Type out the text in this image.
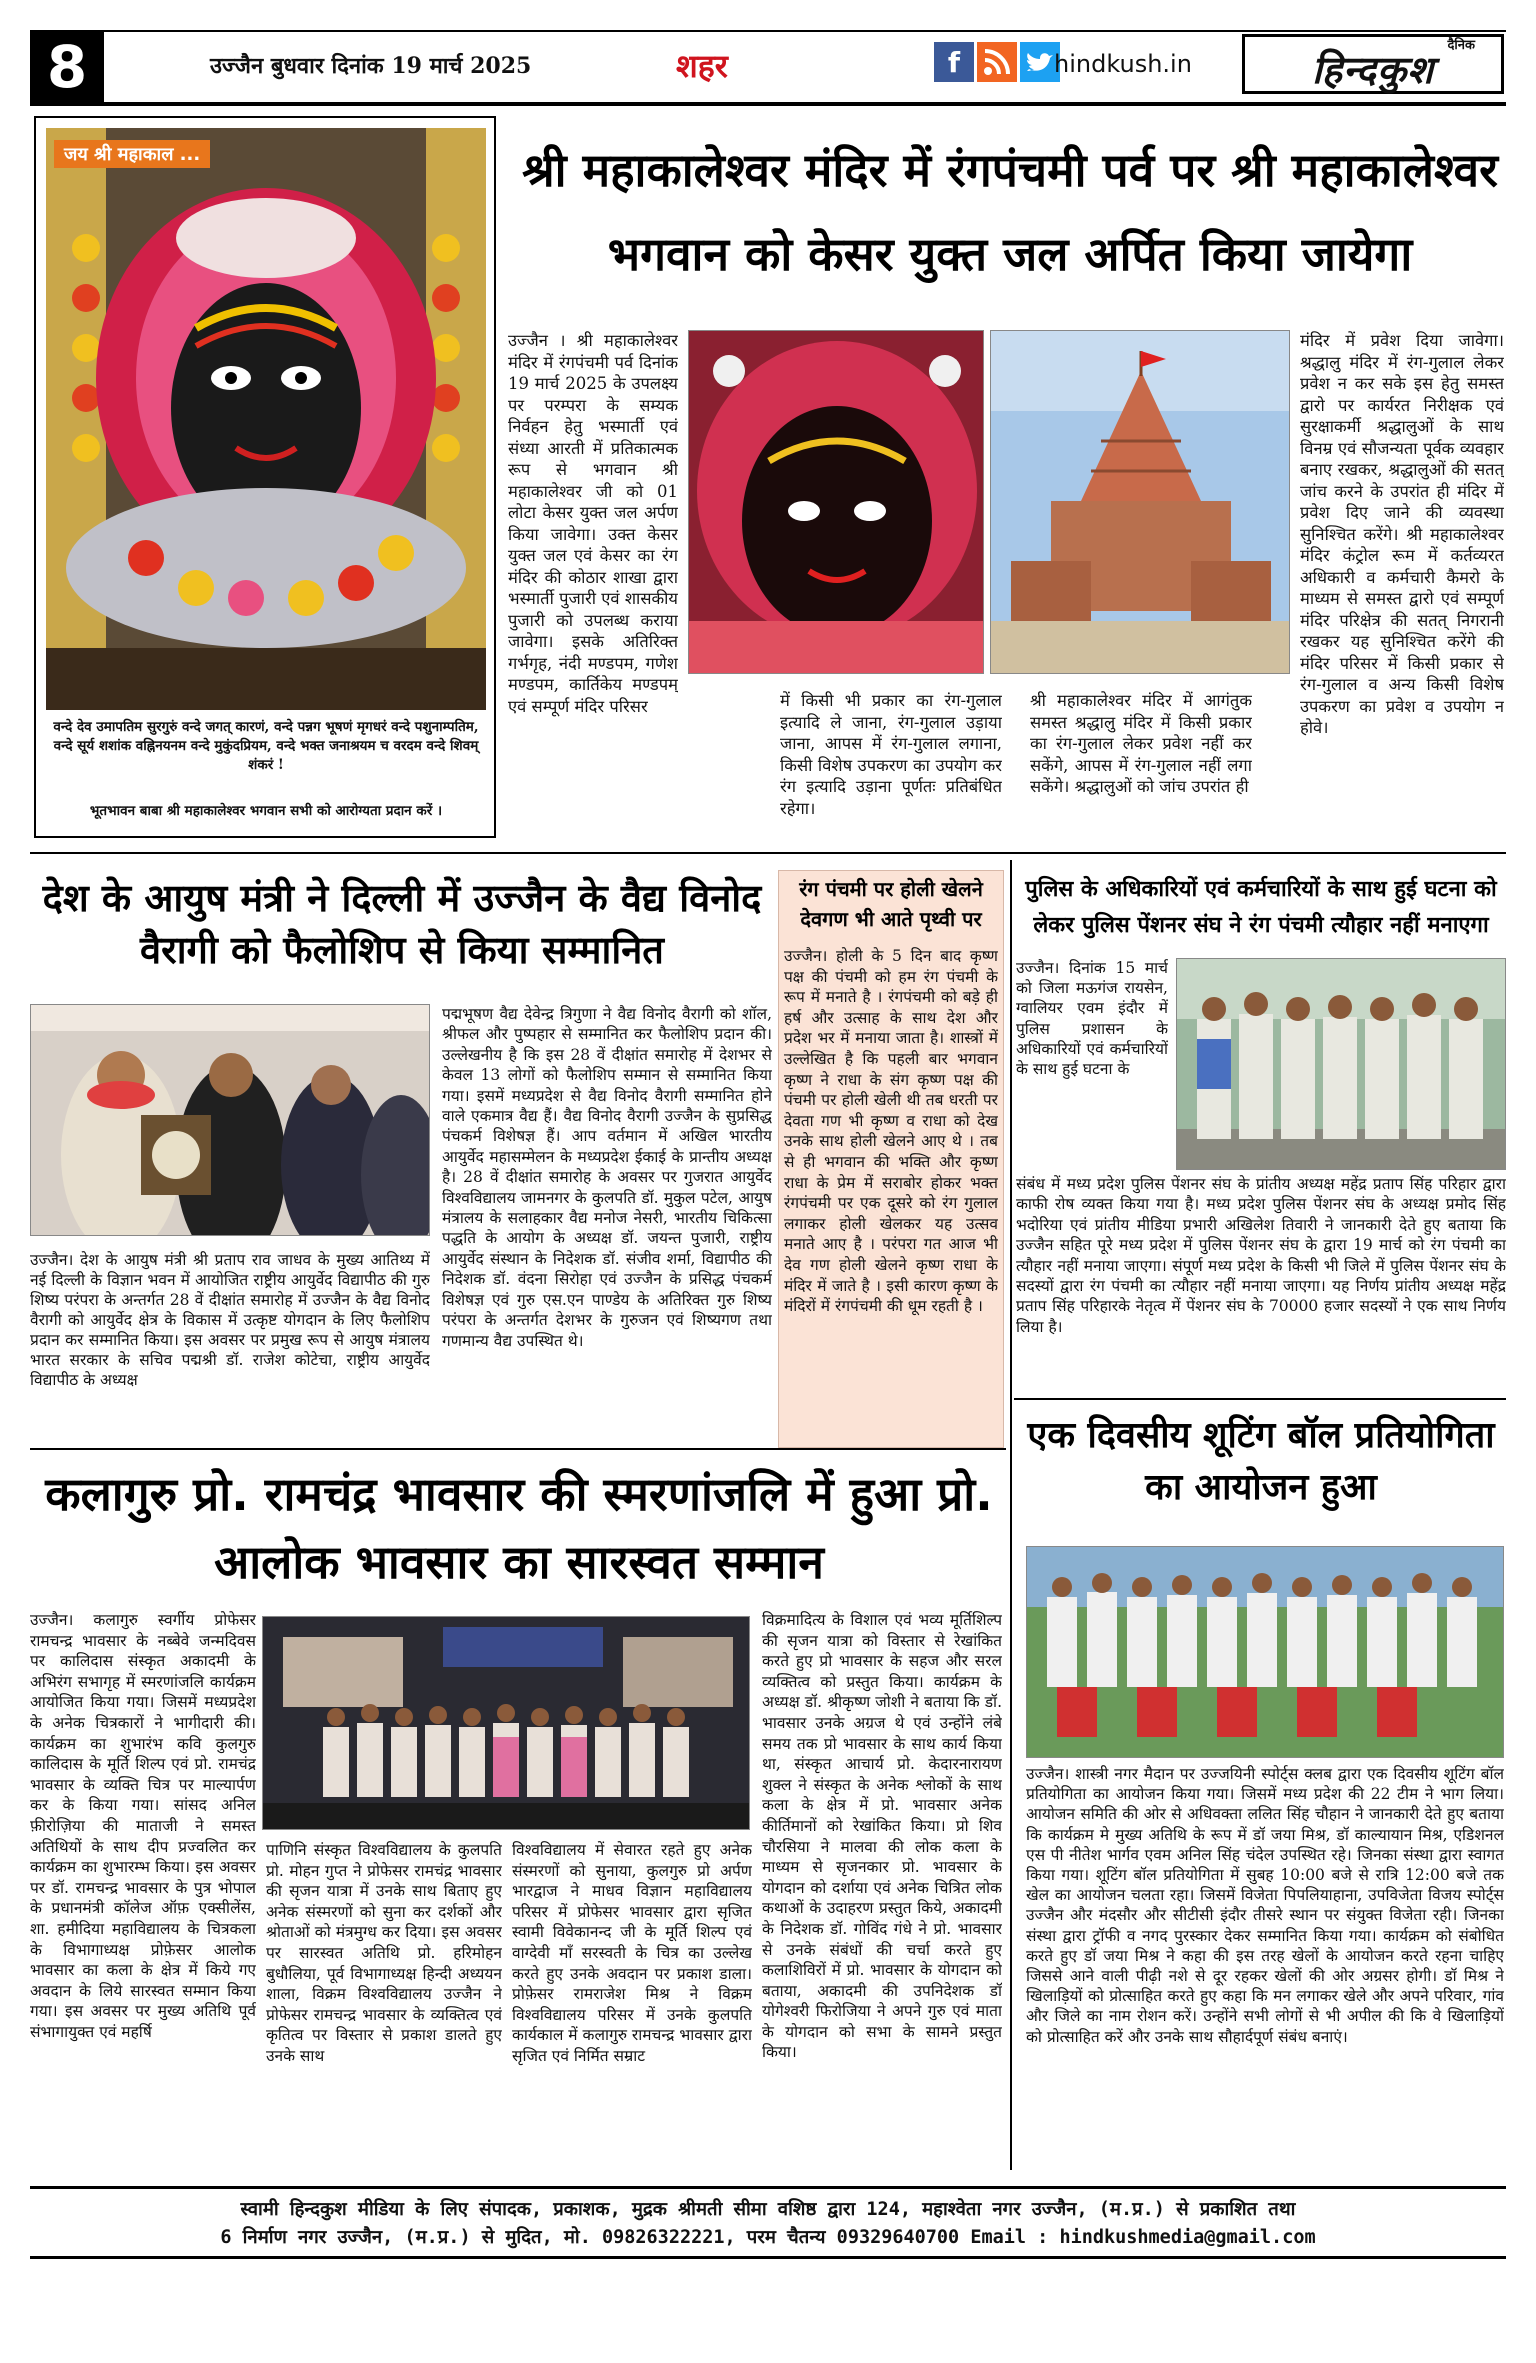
8	उज्जैन बुधवार दिनांक 19 मार्च 2025	शहर	f	hindkush.in
दैनिक
हिन्दकुश
जय श्री महाकाल ...
वन्दे देव उमापतिम सुरगुरुं वन्दे जगत् कारणं, वन्दे पन्नग भूषणं मृगधरं वन्दे पशुनाम्पतिम, वन्दे सूर्य शशांक वह्निनयनम वन्दे मुकुंदप्रियम, वन्दे भक्त जनाश्रयम च वरदम वन्दे शिवम् शंकरं !
भूतभावन बाबा श्री महाकालेश्वर भगवान सभी को आरोग्यता प्रदान करें ।
श्री महाकालेश्वर मंदिर में रंगपंचमी पर्व पर श्री महाकालेश्वर भगवान को केसर युक्त जल अर्पित किया जायेगा
उज्जैन । श्री महाकालेश्वर मंदिर में रंगपंचमी पर्व दिनांक 19 मार्च 2025 के उपलक्ष्य पर परम्परा के सम्यक निर्वहन हेतु भस्मार्ती एवं संध्या आरती में प्रतिकात्मक रूप से भगवान श्री महाकालेश्वर जी को 01 लोटा केसर युक्त जल अर्पण किया जावेगा। उक्त केसर युक्त जल एवं केसर का रंग मंदिर की कोठार शाखा द्वारा भस्मार्ती पुजारी एवं शासकीय पुजारी को उपलब्ध कराया जावेगा। इसके अतिरिक्त गर्भगृह, नंदी मण्डपम, गणेश मण्डपम, कार्तिकेय मण्डपम् एवं सम्पूर्ण मंदिर परिसर	में किसी भी प्रकार का रंग-गुलाल इत्यादि ले जाना, रंग-गुलाल उड़ाया जाना, आपस में रंग-गुलाल लगाना, किसी विशेष उपकरण का उपयोग कर रंग इत्यादि उड़ाना पूर्णतः प्रतिबंधित रहेगा।
श्री महाकालेश्वर मंदिर में आगंतुक समस्त श्रद्धालु मंदिर में किसी प्रकार का रंग-गुलाल लेकर प्रवेश नहीं कर सकेंगे, आपस में रंग-गुलाल नहीं लगा सकेंगे। श्रद्धालुओं को जांच उपरांत ही
मंदिर में प्रवेश दिया जावेगा। श्रद्धालु मंदिर में रंग-गुलाल लेकर प्रवेश न कर सके इस हेतु समस्त द्वारो पर कार्यरत निरीक्षक एवं सुरक्षाकर्मी श्रद्धालुओं के साथ विनम्र एवं सौजन्यता पूर्वक व्यवहार बनाए रखकर, श्रद्धालुओं की सतत् जांच करने के उपरांत ही मंदिर में प्रवेश दिए जाने की व्यवस्था सुनिश्चित करेंगे। श्री महाकालेश्वर मंदिर कंट्रोल रूम में कर्तव्यरत अधिकारी व कर्मचारी कैमरो के माध्यम से समस्त द्वारो एवं सम्पूर्ण मंदिर परिक्षेत्र की सतत् निगरानी रखकर यह सुनिश्चित करेंगे की मंदिर परिसर में किसी प्रकार से रंग-गुलाल व अन्य किसी विशेष उपकरण का प्रवेश व उपयोग न होवे।
देश के आयुष मंत्री ने दिल्ली में उज्जैन के वैद्य विनोद वैरागी को फैलोशिप से किया सम्मानित
उज्जैन। देश के आयुष मंत्री श्री प्रताप राव जाधव के मुख्य आतिथ्य में नई दिल्ली के विज्ञान भवन में आयोजित राष्ट्रीय आयुर्वेद विद्यापीठ की गुरु शिष्य परंपरा के अन्तर्गत 28 वें दीक्षांत समारोह में उज्जैन के वैद्य विनोद वैरागी को आयुर्वेद क्षेत्र के विकास में उत्कृष्ट योगदान के लिए फैलोशिप प्रदान कर सम्मानित किया। इस अवसर पर प्रमुख रूप से आयुष मंत्रालय भारत सरकार के सचिव पद्मश्री डॉ. राजेश कोटेचा, राष्ट्रीय आयुर्वेद विद्यापीठ के अध्यक्ष
पद्मभूषण वैद्य देवेन्द्र त्रिगुणा ने वैद्य विनोद वैरागी को शॉल, श्रीफल और पुष्पहार से सम्मानित कर फैलोशिप प्रदान की। उल्लेखनीय है कि इस 28 वें दीक्षांत समारोह में देशभर से केवल 13 लोगों को फैलोशिप सम्मान से सम्मानित किया गया। इसमें मध्यप्रदेश से वैद्य विनोद वैरागी सम्मानित होने वाले एकमात्र वैद्य हैं। वैद्य विनोद वैरागी उज्जैन के सुप्रसिद्ध पंचकर्म विशेषज्ञ हैं। आप वर्तमान में अखिल भारतीय आयुर्वेद महासम्मेलन के मध्यप्रदेश ईकाई के प्रान्तीय अध्यक्ष है। 28 वें दीक्षांत समारोह के अवसर पर गुजरात आयुर्वेद विश्वविद्यालय जामनगर के कुलपति डॉ. मुकुल पटेल, आयुष मंत्रालय के सलाहकार वैद्य मनोज नेसरी, भारतीय चिकित्सा पद्धति के आयोग के अध्यक्ष डॉ. जयन्त पुजारी, राष्ट्रीय आयुर्वेद संस्थान के निदेशक डॉ. संजीव शर्मा, विद्यापीठ की निदेशक डॉ. वंदना सिरोहा एवं उज्जैन के प्रसिद्ध पंचकर्म विशेषज्ञ एवं गुरु एस.एन पाण्डेय के अतिरिक्त गुरु शिष्य परंपरा के अन्तर्गत देशभर के गुरुजन एवं शिष्यगण तथा गणमान्य वैद्य उपस्थित थे।
रंग पंचमी पर होली खेलने देवगण भी आते पृथ्वी पर
उज्जैन। होली के 5 दिन बाद कृष्ण पक्ष की पंचमी को हम रंग पंचमी के रूप में मनाते है । रंगपंचमी को बड़े ही हर्ष और उत्साह के साथ देश और प्रदेश भर में मनाया जाता है। शास्त्रों में उल्लेखित है कि पहली बार भगवान कृष्ण ने राधा के संग कृष्ण पक्ष की पंचमी पर होली खेली थी तब धरती पर देवता गण भी कृष्ण व राधा को देख उनके साथ होली खेलने आए थे । तब से ही भगवान की भक्ति और कृष्ण राधा के प्रेम में सराबोर होकर भक्त रंगपंचमी पर एक दूसरे को रंग गुलाल लगाकर होली खेलकर यह उत्सव मनाते आए है । परंपरा गत आज भी देव गण होली खेलने कृष्ण राधा के मंदिर में जाते है । इसी कारण कृष्ण के मंदिरों में रंगपंचमी की धूम रहती है ।
पुलिस के अधिकारियों एवं कर्मचारियों के साथ हुई घटना को लेकर पुलिस पेंशनर संघ ने रंग पंचमी त्यौहार नहीं मनाएगा
उज्जैन। दिनांक 15 मार्च को जिला मऊगंज रायसेन, ग्वालियर एवम इंदौर में पुलिस प्रशासन के अधिकारियों एवं कर्मचारियों के साथ हुई घटना के
संबंध में मध्य प्रदेश पुलिस पेंशनर संघ के प्रांतीय अध्यक्ष महेंद्र प्रताप सिंह परिहार द्वारा काफी रोष व्यक्त किया गया है। मध्य प्रदेश पुलिस पेंशनर संघ के अध्यक्ष प्रमोद सिंह भदोरिया एवं प्रांतीय मीडिया प्रभारी अखिलेश तिवारी ने जानकारी देते हुए बताया कि उज्जैन सहित पूरे मध्य प्रदेश में पुलिस पेंशनर संघ के द्वारा 19 मार्च को रंग पंचमी का त्यौहार नहीं मनाया जाएगा। संपूर्ण मध्य प्रदेश के किसी भी जिले में पुलिस पेंशनर संघ के सदस्यों द्वारा रंग पंचमी का त्यौहार नहीं मनाया जाएगा। यह निर्णय प्रांतीय अध्यक्ष महेंद्र प्रताप सिंह परिहारके नेतृत्व में पेंशनर संघ के 70000 हजार सदस्यों ने एक साथ निर्णय लिया है।
एक दिवसीय शूटिंग बॉल प्रतियोगिता का आयोजन हुआ
उज्जैन। शास्त्री नगर मैदान पर उज्जयिनी स्पोर्ट्स क्लब द्वारा एक दिवसीय शूटिंग बॉल प्रतियोगिता का आयोजन किया गया। जिसमें मध्य प्रदेश की 22 टीम ने भाग लिया। आयोजन समिति की ओर से अधिवक्ता ललित सिंह चौहान ने जानकारी देते हुए बताया कि कार्यक्रम मे मुख्य अतिथि के रूप में डॉ जया मिश्र, डॉ काल्यायान मिश्र, एडिशनल एस पी नीतेश भार्गव एवम अनिल सिंह चंदेल उपस्थित रहे। जिनका संस्था द्वारा स्वागत किया गया। शूटिंग बॉल प्रतियोगिता में सुबह 10:00 बजे से रात्रि 12:00 बजे तक खेल का आयोजन चलता रहा। जिसमें विजेता पिपलियाहाना, उपविजेता विजय स्पोर्ट्स उज्जैन और मंदसौर और सीटीसी इंदौर तीसरे स्थान पर संयुक्त विजेता रही। जिनका संस्था द्वारा ट्रॉफी व नगद पुरस्कार देकर सम्मानित किया गया। कार्यक्रम को संबोधित करते हुए डॉ जया मिश्र ने कहा की इस तरह खेलों के आयोजन करते रहना चाहिए जिससे आने वाली पीढ़ी नशे से दूर रहकर खेलों की ओर अग्रसर होगी। डॉ मिश्र ने खिलाड़ियों को प्रोत्साहित करते हुए कहा कि मन लगाकर खेले और अपने परिवार, गांव और जिले का नाम रोशन करें। उन्होंने सभी लोगों से भी अपील की कि वे खिलाड़ियों को प्रोत्साहित करें और उनके साथ सौहार्दपूर्ण संबंध बनाएं।
कलागुरु प्रो. रामचंद्र भावसार की स्मरणांजलि में हुआ प्रो. आलोक भावसार का सारस्वत सम्मान
उज्जैन। कलागुरु स्वर्गीय प्रोफेसर रामचन्द्र भावसार के नब्बेवे जन्मदिवस पर कालिदास संस्कृत अकादमी के अभिरंग सभागृह में स्मरणांजलि कार्यक्रम आयोजित किया गया। जिसमें मध्यप्रदेश के अनेक चित्रकारों ने भागीदारी की। कार्यक्रम का शुभारंभ कवि कुलगुरु कालिदास के मूर्ति शिल्प एवं प्रो. रामचंद्र भावसार के व्यक्ति चित्र पर माल्यार्पण कर के किया गया। सांसद अनिल फ़ीरोज़िया की माताजी ने समस्त अतिथियों के साथ दीप प्रज्वलित कर कार्यक्रम का शुभारम्भ किया। इस अवसर पर डॉ. रामचन्द्र भावसार के पुत्र भोपाल के प्रधानमंत्री कॉलेज ऑफ़ एक्सीलेंस, शा. हमीदिया महाविद्यालय के चित्रकला के विभागाध्यक्ष प्रोफ़ेसर आलोक भावसार का कला के क्षेत्र में किये गए अवदान के लिये सारस्वत सम्मान किया गया। इस अवसर पर मुख्य अतिथि पूर्व संभागायुक्त एवं महर्षि
पाणिनि संस्कृत विश्वविद्यालय के कुलपति प्रो. मोहन गुप्त ने प्रोफेसर रामचंद्र भावसार की सृजन यात्रा में उनके साथ बिताए हुए अनेक संस्मरणों को सुना कर दर्शकों और श्रोताओं को मंत्रमुग्ध कर दिया। इस अवसर पर सारस्वत अतिथि प्रो. हरिमोहन बुधौलिया, पूर्व विभागाध्यक्ष हिन्दी अध्ययन शाला, विक्रम विश्वविद्यालय उज्जैन ने प्रोफेसर रामचन्द्र भावसार के व्यक्तित्व एवं कृतित्व पर विस्तार से प्रकाश डालते हुए उनके साथ
विश्वविद्यालय में सेवारत रहते हुए अनेक संस्मरणों को सुनाया, कुलगुरु प्रो अर्पण भारद्वाज ने माधव विज्ञान महाविद्यालय परिसर में प्रोफेसर भावसार द्वारा सृजित स्वामी विवेकानन्द जी के मूर्ति शिल्प एवं वाग्देवी माँ सरस्वती के चित्र का उल्लेख करते हुए उनके अवदान पर प्रकाश डाला। प्रोफ़ेसर रामराजेश मिश्र ने विक्रम विश्वविद्यालय परिसर में उनके कुलपति कार्यकाल में कलागुरु रामचन्द्र भावसार द्वारा सृजित एवं निर्मित सम्राट
विक्रमादित्य के विशाल एवं भव्य मूर्तिशिल्प की सृजन यात्रा को विस्तार से रेखांकित करते हुए प्रो भावसार के सहज और सरल व्यक्तित्व को प्रस्तुत किया। कार्यक्रम के अध्यक्ष डॉ. श्रीकृष्ण जोशी ने बताया कि डॉ. भावसार उनके अग्रज थे एवं उन्होंने लंबे समय तक प्रो भावसार के साथ कार्य किया था, संस्कृत आचार्य प्रो. केदारनारायण शुक्ल ने संस्कृत के अनेक श्लोकों के साथ कला के क्षेत्र में प्रो. भावसार अनेक कीर्तिमानों को रेखांकित किया। प्रो शिव चौरसिया ने मालवा की लोक कला के माध्यम से सृजनकार प्रो. भावसार के योगदान को दर्शाया एवं अनेक चित्रित लोक कथाओं के उदाहरण प्रस्तुत किये, अकादमी के निदेशक डॉ. गोविंद गंधे ने प्रो. भावसार से उनके संबंधों की चर्चा करते हुए कलाशिविरों में प्रो. भावसार के योगदान को बताया, अकादमी की उपनिदेशक डॉ योगेश्वरी फिरोजिया ने अपने गुरु एवं माता के योगदान को सभा के सामने प्रस्तुत किया।
स्वामी हिन्दकुश मीडिया के लिए संपादक, प्रकाशक, मुद्रक श्रीमती सीमा वशिष्ठ द्वारा 124, महाश्वेता नगर उज्जैन, (म.प्र.) से प्रकाशित तथा
6 निर्माण नगर उज्जैन, (म.प्र.) से मुदित, मो. 09826322221, परम चैतन्य 09329640700 Email : hindkushmedia@gmail.com
